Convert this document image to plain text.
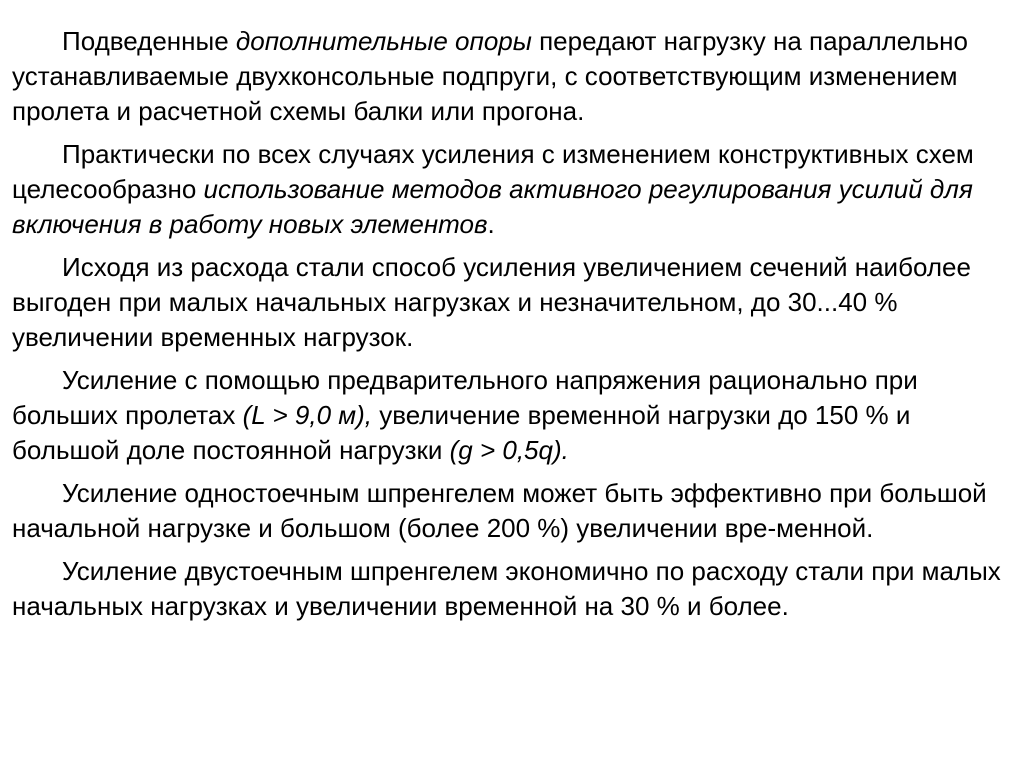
Подведенные дополнительные опоры передают нагрузку на параллельно устанавливаемые двухконсольные подпруги, с соответствующим изменением пролета и расчетной схемы балки или прогона.

Практически по всех случаях усиления с изменением конструктивных схем целесообразно использование методов активного регулирования усилий для включения в работу новых элементов.

Исходя из расхода стали способ усиления увеличением сечений наиболее выгоден при малых начальных нагрузках и незначительном, до 30...40 % увеличении временных нагрузок.

Усиление с помощью предварительного напряжения рационально при больших пролетах (L > 9,0 м), увеличение временной нагрузки до 150 % и большой доле постоянной нагрузки (g > 0,5q).

Усиление одностоечным шпренгелем может быть эффективно при большой начальной нагрузке и большом (более 200 %) увеличении вре-менной.

Усиление двустоечным шпренгелем экономично по расходу стали при малых начальных нагрузках и увеличении временной на 30 % и более.
